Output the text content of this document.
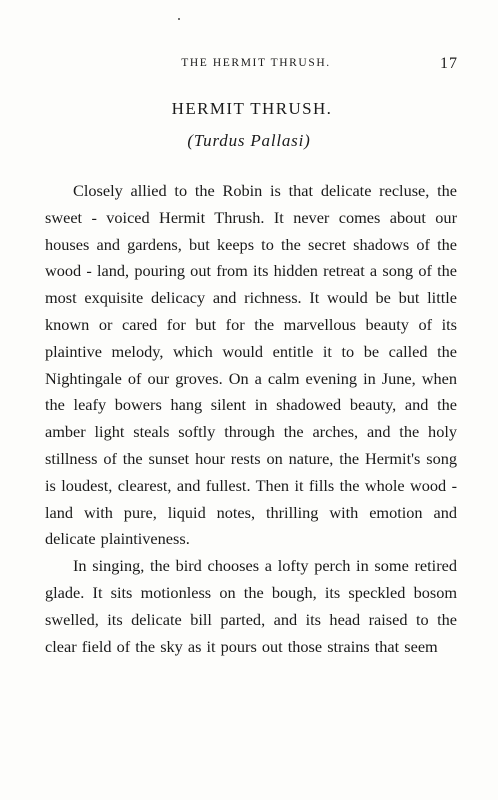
THE HERMIT THRUSH.	17
HERMIT THRUSH.
(Turdus Pallasi)

Closely allied to the Robin is that delicate recluse, the sweet - voiced Hermit Thrush. It never comes about our houses and gardens, but keeps to the secret shadows of the wood - land, pouring out from its hidden retreat a song of the most exquisite delicacy and richness. It would be but little known or cared for but for the marvellous beauty of its plaintive melody, which would entitle it to be called the Nightingale of our groves. On a calm evening in June, when the leafy bowers hang silent in shadowed beauty, and the amber light steals softly through the arches, and the holy stillness of the sunset hour rests on nature, the Hermit's song is loudest, clearest, and fullest. Then it fills the whole wood - land with pure, liquid notes, thrilling with emotion and delicate plaintiveness.

In singing, the bird chooses a lofty perch in some retired glade. It sits motionless on the bough, its speckled bosom swelled, its delicate bill parted, and its head raised to the clear field of the sky as it pours out those strains that seem
